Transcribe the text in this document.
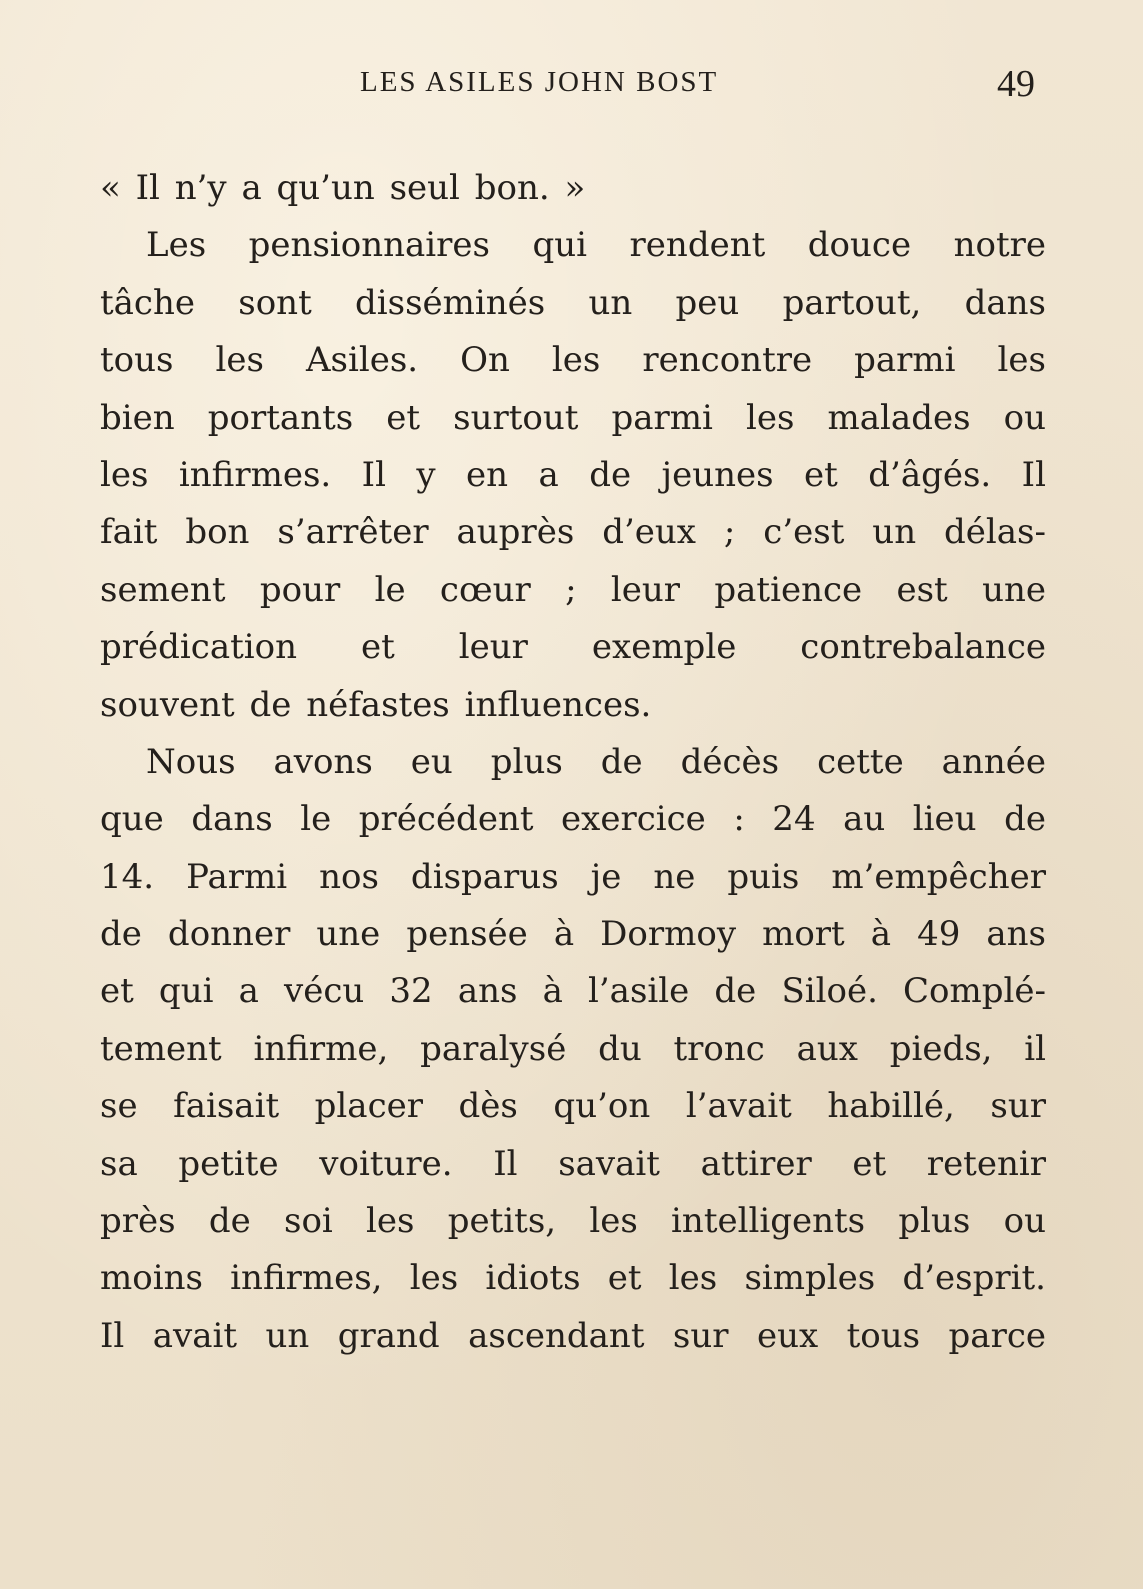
LES ASILES JOHN BOST	49
« Il n’y a qu’un seul bon. »
Les pensionnaires qui rendent douce notre
tâche sont disséminés un peu partout, dans
tous les Asiles. On les rencontre parmi les
bien portants et surtout parmi les malades ou
les infirmes. Il y en a de jeunes et d’âgés. Il
fait bon s’arrêter auprès d’eux ; c’est un délas-
sement pour le cœur ; leur patience est une
prédication et leur exemple contrebalance
souvent de néfastes influences.
Nous avons eu plus de décès cette année
que dans le précédent exercice : 24 au lieu de
14. Parmi nos disparus je ne puis m’empêcher
de donner une pensée à Dormoy mort à 49 ans
et qui a vécu 32 ans à l’asile de Siloé. Complé-
tement infirme, paralysé du tronc aux pieds, il
se faisait placer dès qu’on l’avait habillé, sur
sa petite voiture. Il savait attirer et retenir
près de soi les petits, les intelligents plus ou
moins infirmes, les idiots et les simples d’esprit.
Il avait un grand ascendant sur eux tous parce
